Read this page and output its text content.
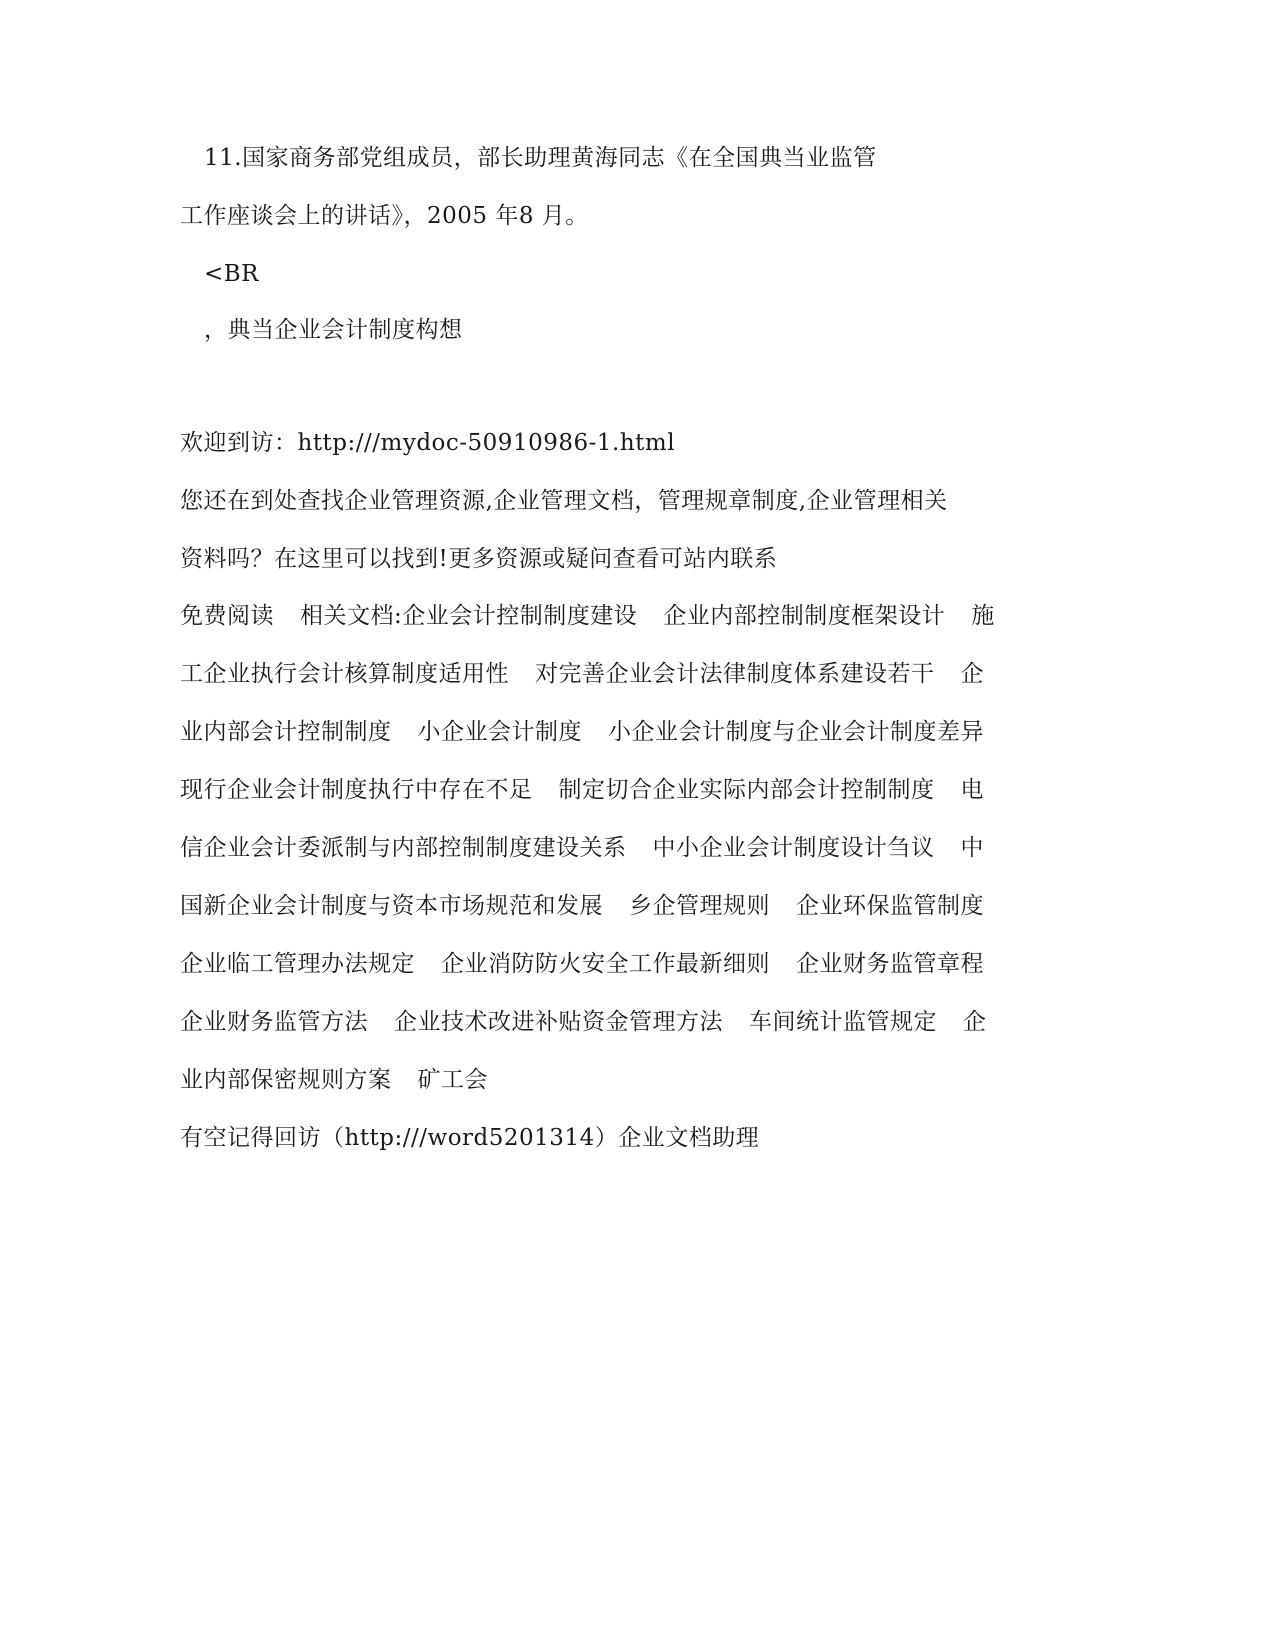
11.国家商务部党组成员，部长助理黄海同志《在全国典当业监管
工作座谈会上的讲话》，2005 年8 月。
<BR
，典当企业会计制度构想
欢迎到访：http:///mydoc-50910986-1.html
您还在到处查找企业管理资源,企业管理文档，管理规章制度,企业管理相关
资料吗？在这里可以找到!更多资源或疑问查看可站内联系
免费阅读 相关文档:企业会计控制制度建设 企业内部控制制度框架设计 施
工企业执行会计核算制度适用性 对完善企业会计法律制度体系建设若干 企
业内部会计控制制度 小企业会计制度 小企业会计制度与企业会计制度差异
现行企业会计制度执行中存在不足 制定切合企业实际内部会计控制制度 电
信企业会计委派制与内部控制制度建设关系 中小企业会计制度设计刍议 中
国新企业会计制度与资本市场规范和发展 乡企管理规则 企业环保监管制度
企业临工管理办法规定 企业消防防火安全工作最新细则 企业财务监管章程
企业财务监管方法 企业技术改进补贴资金管理方法 车间统计监管规定 企
业内部保密规则方案 矿工会
有空记得回访（http:///word5201314）企业文档助理
